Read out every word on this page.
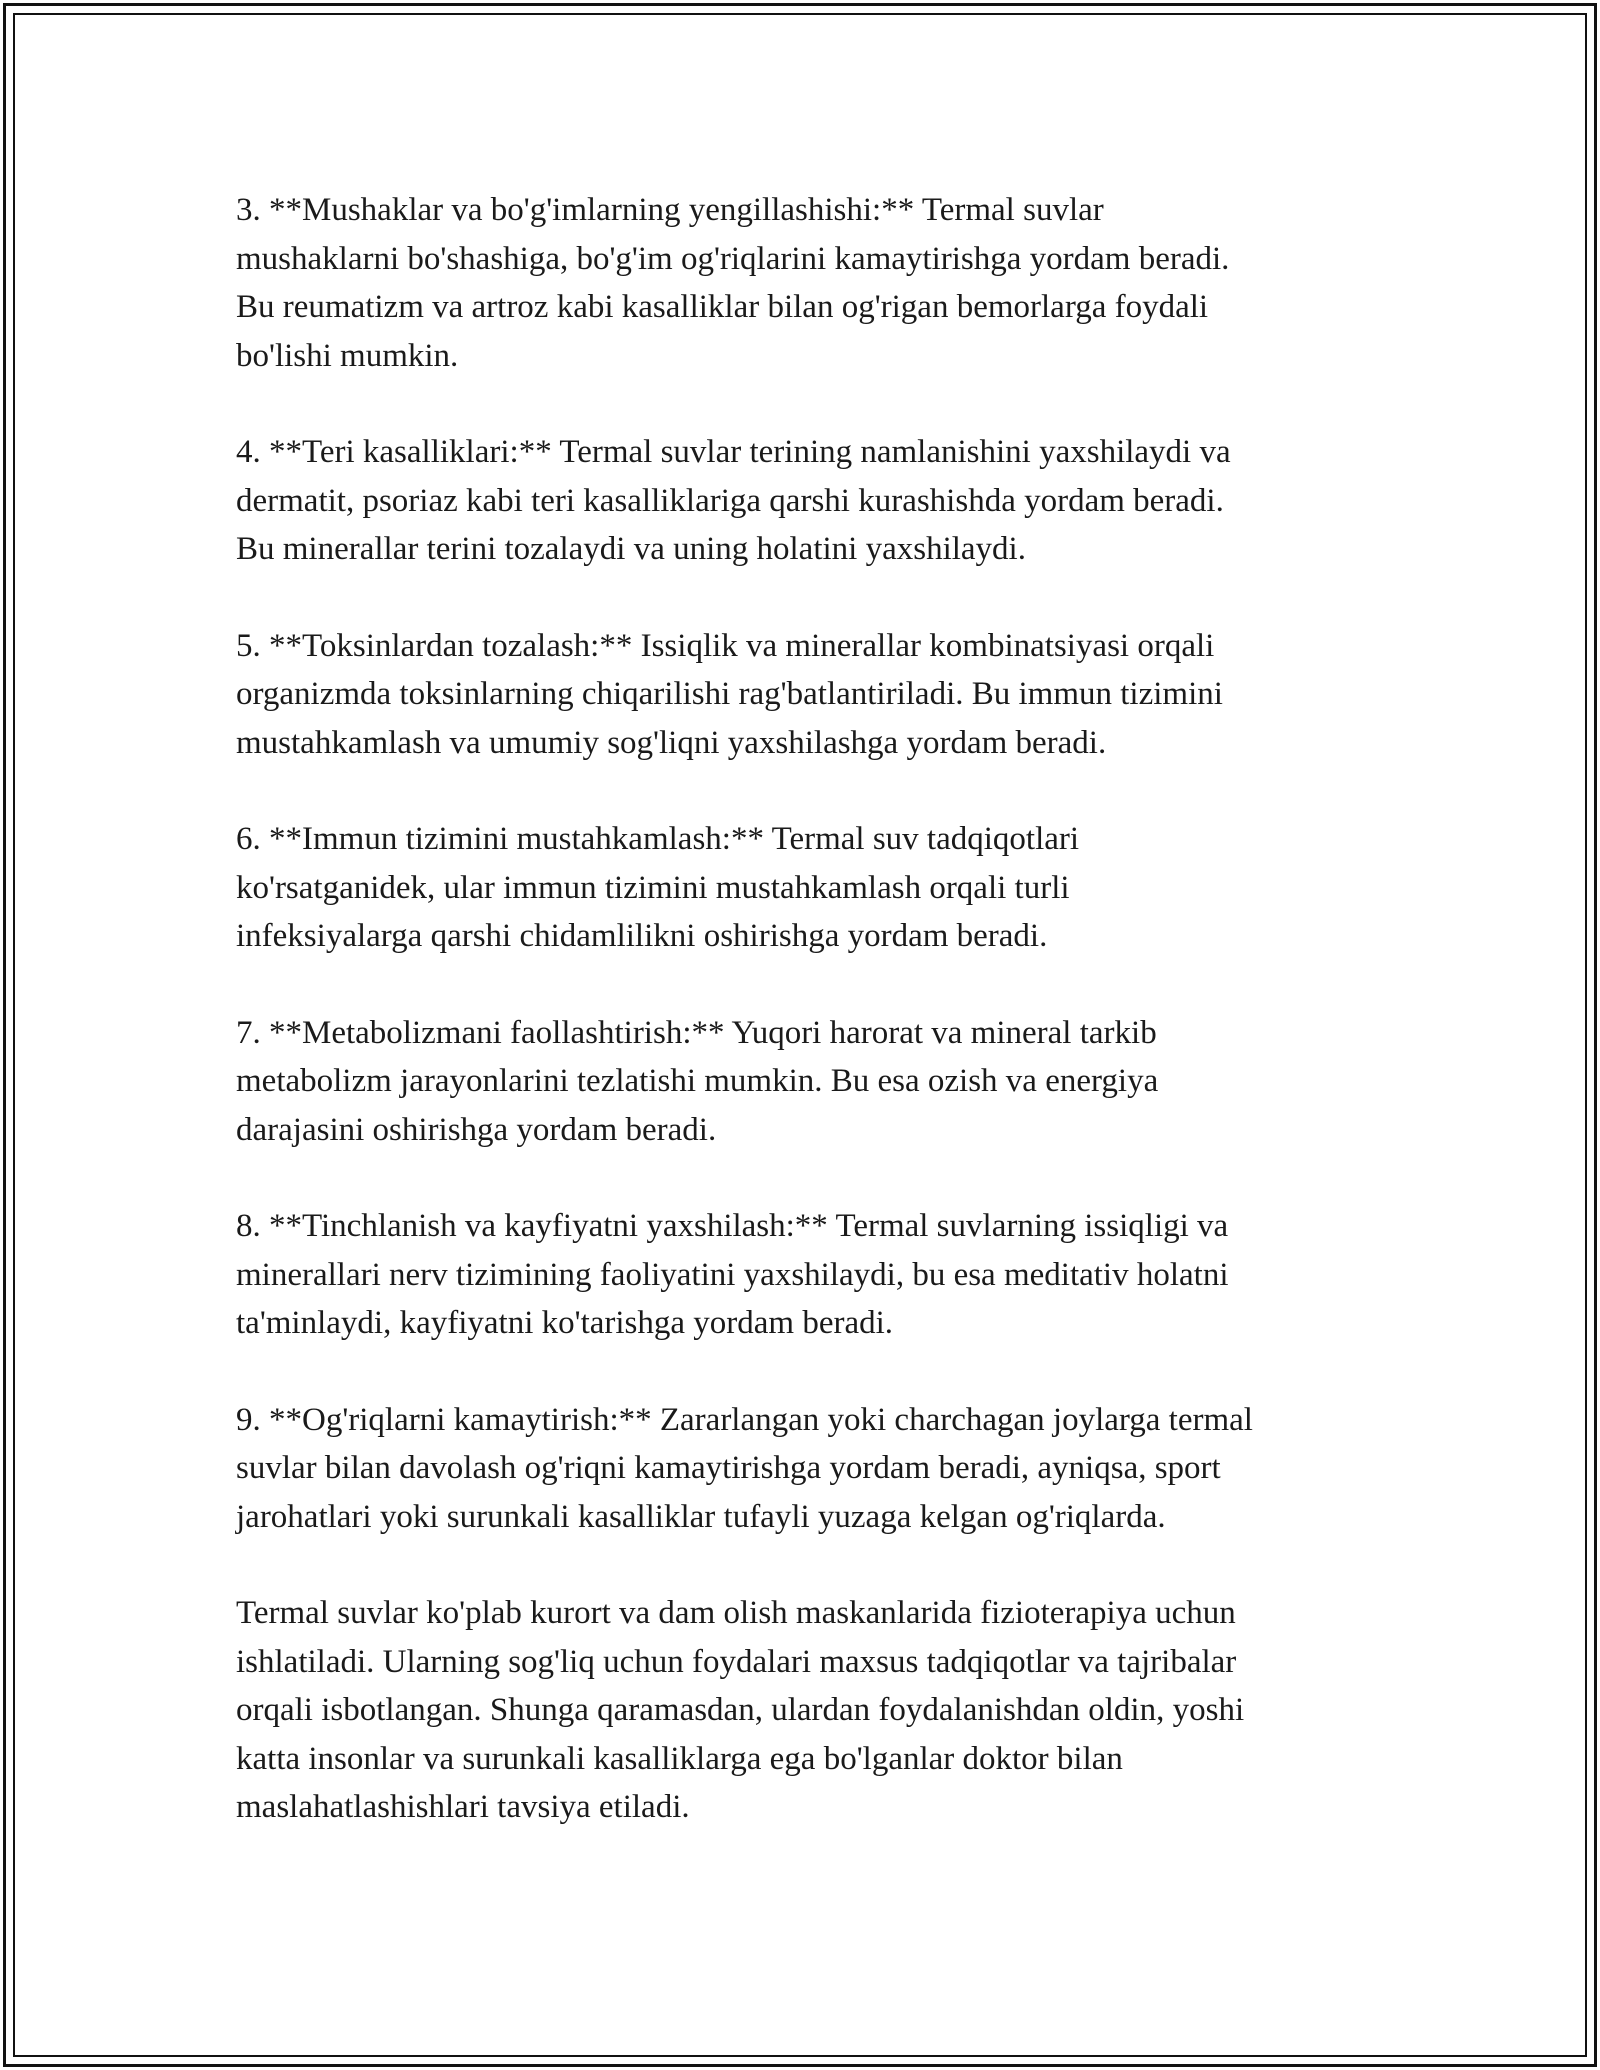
3. **Mushaklar va bo'g'imlarning yengillashishi:** Termal suvlar
mushaklarni bo'shashiga, bo'g'im og'riqlarini kamaytirishga yordam beradi.
Bu reumatizm va artroz kabi kasalliklar bilan og'rigan bemorlarga foydali
bo'lishi mumkin.

4. **Teri kasalliklari:** Termal suvlar terining namlanishini yaxshilaydi va
dermatit, psoriaz kabi teri kasalliklariga qarshi kurashishda yordam beradi.
Bu minerallar terini tozalaydi va uning holatini yaxshilaydi.

5. **Toksinlardan tozalash:** Issiqlik va minerallar kombinatsiyasi orqali
organizmda toksinlarning chiqarilishi rag'batlantiriladi. Bu immun tizimini
mustahkamlash va umumiy sog'liqni yaxshilashga yordam beradi.

6. **Immun tizimini mustahkamlash:** Termal suv tadqiqotlari
ko'rsatganidek, ular immun tizimini mustahkamlash orqali turli
infeksiyalarga qarshi chidamlilikni oshirishga yordam beradi.

7. **Metabolizmani faollashtirish:** Yuqori harorat va mineral tarkib
metabolizm jarayonlarini tezlatishi mumkin. Bu esa ozish va energiya
darajasini oshirishga yordam beradi.

8. **Tinchlanish va kayfiyatni yaxshilash:** Termal suvlarning issiqligi va
minerallari nerv tizimining faoliyatini yaxshilaydi, bu esa meditativ holatni
ta'minlaydi, kayfiyatni ko'tarishga yordam beradi.

9. **Og'riqlarni kamaytirish:** Zararlangan yoki charchagan joylarga termal
suvlar bilan davolash og'riqni kamaytirishga yordam beradi, ayniqsa, sport
jarohatlari yoki surunkali kasalliklar tufayli yuzaga kelgan og'riqlarda.

Termal suvlar ko'plab kurort va dam olish maskanlarida fizioterapiya uchun
ishlatiladi. Ularning sog'liq uchun foydalari maxsus tadqiqotlar va tajribalar
orqali isbotlangan. Shunga qaramasdan, ulardan foydalanishdan oldin, yoshi
katta insonlar va surunkali kasalliklarga ega bo'lganlar doktor bilan
maslahatlashishlari tavsiya etiladi.
